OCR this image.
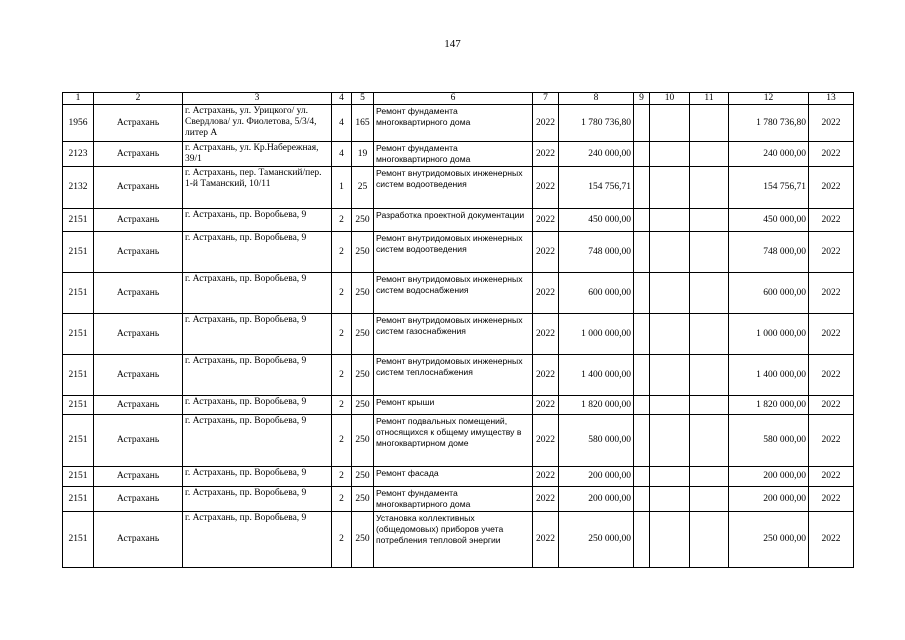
147
1	2	3	4	5	6	7	8	9	10	11	12	13
1956	Астрахань	г. Астрахань, ул. Урицкого/ ул. Свердлова/ ул. Фиолетова, 5/3/4, литер А	4	165	Ремонт фундамента многоквартирного дома	2022	1 780 736,80				1 780 736,80	2022
2123	Астрахань	г. Астрахань, ул. Кр.Набережная, 39/1	4	19	Ремонт фундамента многоквартирного дома	2022	240 000,00				240 000,00	2022
2132	Астрахань	г. Астрахань, пер. Таманский/пер. 1-й Таманский, 10/11	1	25	Ремонт внутридомовых инженерных систем водоотведения	2022	154 756,71				154 756,71	2022
2151	Астрахань	г. Астрахань, пр. Воробьева, 9	2	250	Разработка проектной документации	2022	450 000,00				450 000,00	2022
2151	Астрахань	г. Астрахань, пр. Воробьева, 9	2	250	Ремонт внутридомовых инженерных систем водоотведения	2022	748 000,00				748 000,00	2022
2151	Астрахань	г. Астрахань, пр. Воробьева, 9	2	250	Ремонт внутридомовых инженерных систем водоснабжения	2022	600 000,00				600 000,00	2022
2151	Астрахань	г. Астрахань, пр. Воробьева, 9	2	250	Ремонт внутридомовых инженерных систем газоснабжения	2022	1 000 000,00				1 000 000,00	2022
2151	Астрахань	г. Астрахань, пр. Воробьева, 9	2	250	Ремонт внутридомовых инженерных систем теплоснабжения	2022	1 400 000,00				1 400 000,00	2022
2151	Астрахань	г. Астрахань, пр. Воробьева, 9	2	250	Ремонт крыши	2022	1 820 000,00				1 820 000,00	2022
2151	Астрахань	г. Астрахань, пр. Воробьева, 9	2	250	Ремонт подвальных помещений, относящихся к общему имуществу в многоквартирном доме	2022	580 000,00				580 000,00	2022
2151	Астрахань	г. Астрахань, пр. Воробьева, 9	2	250	Ремонт фасада	2022	200 000,00				200 000,00	2022
2151	Астрахань	г. Астрахань, пр. Воробьева, 9	2	250	Ремонт фундамента многоквартирного дома	2022	200 000,00				200 000,00	2022
2151	Астрахань	г. Астрахань, пр. Воробьева, 9	2	250	Установка коллективных (общедомовых) приборов учета потребления тепловой энергии	2022	250 000,00				250 000,00	2022
